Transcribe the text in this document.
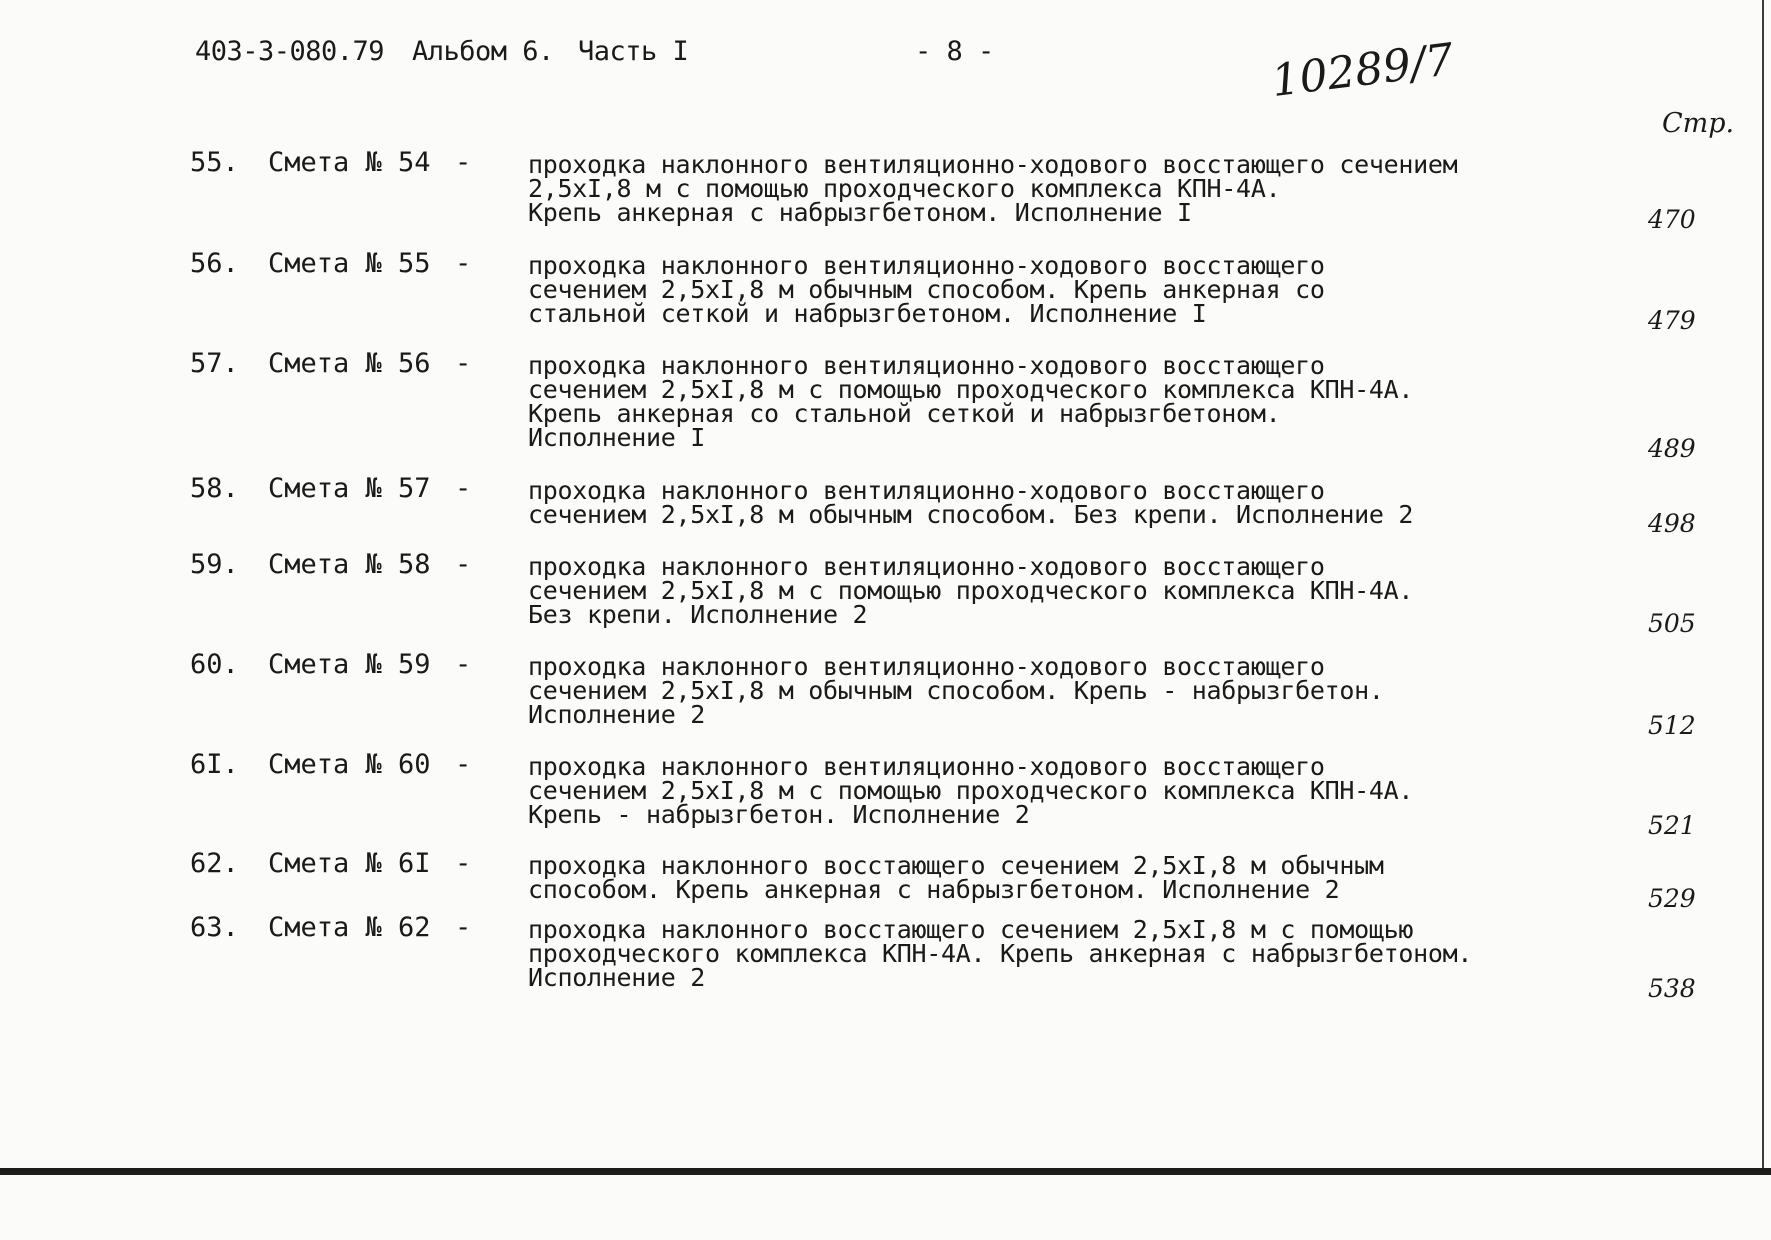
403-3-080.79 Альбом 6. Часть I	- 8 -	10289/7
Стр.
55. Смета № 54 - проходка наклонного вентиляционно-ходового восстающего сечением
2,5хI,8 м с помощью проходческого комплекса КПН-4А.
Крепь анкерная с набрызгбетоном. Исполнение I	470
56. Смета № 55 - проходка наклонного вентиляционно-ходового восстающего
сечением 2,5хI,8 м обычным способом. Крепь анкерная со
стальной сеткой и набрызгбетоном. Исполнение I	479
57. Смета № 56 - проходка наклонного вентиляционно-ходового восстающего
сечением 2,5хI,8 м с помощью проходческого комплекса КПН-4А.
Крепь анкерная со стальной сеткой и набрызгбетоном.
Исполнение I	489
58. Смета № 57 - проходка наклонного вентиляционно-ходового восстающего
сечением 2,5хI,8 м обычным способом. Без крепи. Исполнение 2	498
59. Смета № 58 - проходка наклонного вентиляционно-ходового восстающего
сечением 2,5хI,8 м с помощью проходческого комплекса КПН-4А.
Без крепи. Исполнение 2	505
60. Смета № 59 - проходка наклонного вентиляционно-ходового восстающего
сечением 2,5хI,8 м обычным способом. Крепь - набрызгбетон.
Исполнение 2	512
6I. Смета № 60 - проходка наклонного вентиляционно-ходового восстающего
сечением 2,5хI,8 м с помощью проходческого комплекса КПН-4А.
Крепь - набрызгбетон. Исполнение 2	521
62. Смета № 6I - проходка наклонного восстающего сечением 2,5хI,8 м обычным
способом. Крепь анкерная с набрызгбетоном. Исполнение 2	529
63. Смета № 62 - проходка наклонного восстающего сечением 2,5хI,8 м с помощью
проходческого комплекса КПН-4А. Крепь анкерная с набрызгбетоном.
Исполнение 2	538
